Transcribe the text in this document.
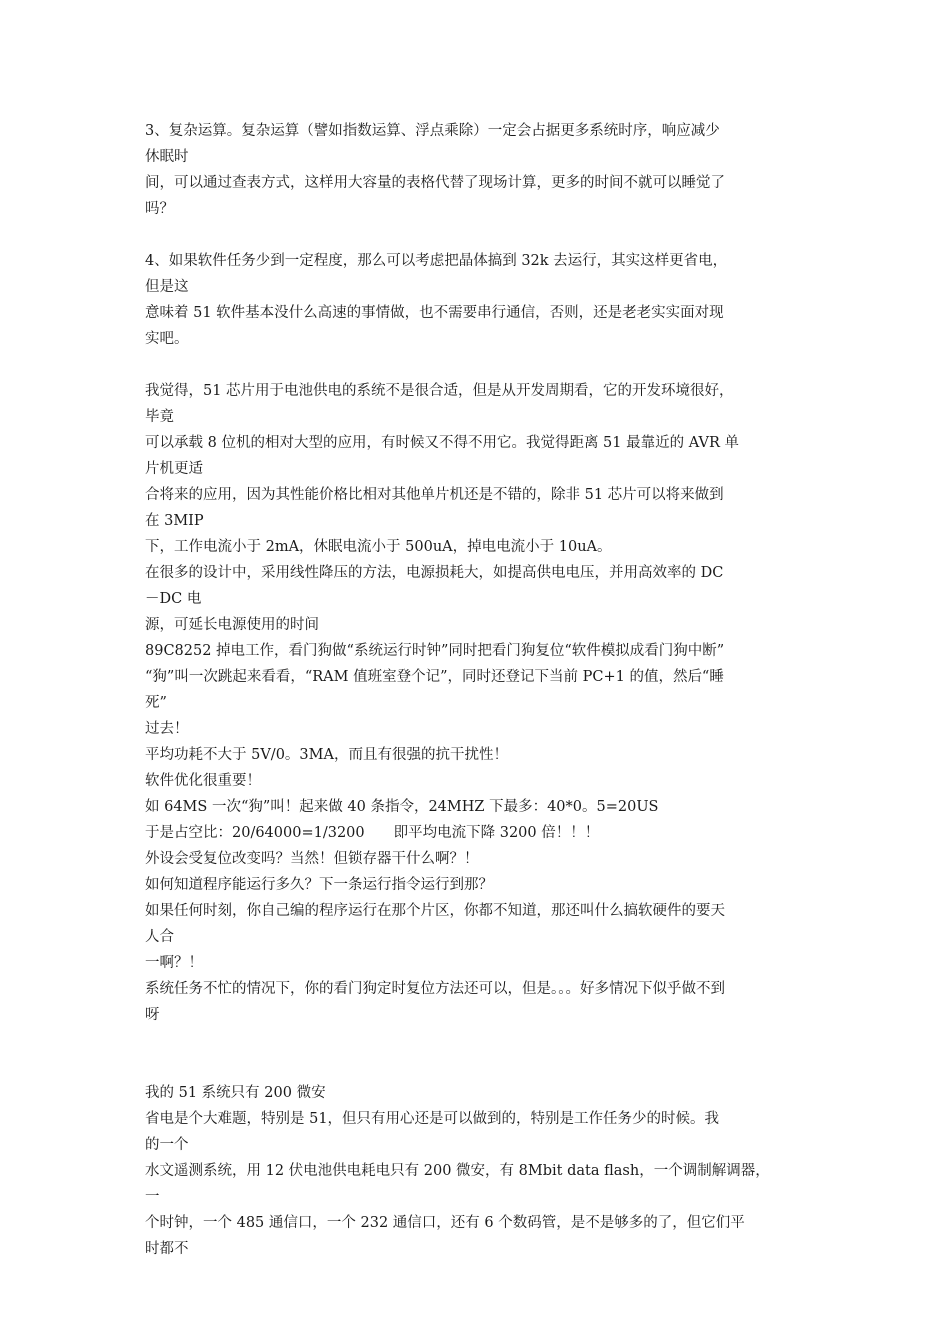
3、复杂运算。复杂运算（譬如指数运算、浮点乘除）一定会占据更多系统时序，响应减少
休眠时
间，可以通过查表方式，这样用大容量的表格代替了现场计算，更多的时间不就可以睡觉了
吗？
4、如果软件任务少到一定程度，那么可以考虑把晶体搞到 32k 去运行，其实这样更省电，
但是这
意味着 51 软件基本没什么高速的事情做，也不需要串行通信，否则，还是老老实实面对现
实吧。
我觉得，51 芯片用于电池供电的系统不是很合适，但是从开发周期看，它的开发环境很好，
毕竟
可以承载 8 位机的相对大型的应用，有时候又不得不用它。我觉得距离 51 最靠近的 AVR 单
片机更适
合将来的应用，因为其性能价格比相对其他单片机还是不错的，除非 51 芯片可以将来做到
在 3MIP
下，工作电流小于 2mA，休眠电流小于 500uA，掉电电流小于 10uA。
在很多的设计中，采用线性降压的方法，电源损耗大，如提高供电电压，并用高效率的 DC
－DC 电
源，可延长电源使用的时间
89C8252 掉电工作，看门狗做“系统运行时钟”同时把看门狗复位“软件模拟成看门狗中断”
“狗”叫一次跳起来看看，“RAM 值班室登个记”，同时还登记下当前 PC+1 的值，然后“睡
死”
过去！
平均功耗不大于 5V/0。3MA，而且有很强的抗干扰性！
软件优化很重要！
如 64MS 一次“狗”叫！起来做 40 条指令，24MHZ 下最多：40*0。5=20US
于是占空比：20/64000=1/3200　　即平均电流下降 3200 倍！！！
外设会受复位改变吗？当然！但锁存器干什么啊？！
如何知道程序能运行多久？下一条运行指令运行到那？
如果任何时刻，你自己编的程序运行在那个片区，你都不知道，那还叫什么搞软硬件的要天
人合
一啊？！
系统任务不忙的情况下，你的看门狗定时复位方法还可以，但是。。。好多情况下似乎做不到
呀
我的 51 系统只有 200 微安
省电是个大难题，特别是 51，但只有用心还是可以做到的，特别是工作任务少的时候。我
的一个
水文遥测系统，用 12 伏电池供电耗电只有 200 微安，有 8Mbit data flash，一个调制解调器，
一
个时钟，一个 485 通信口，一个 232 通信口，还有 6 个数码管，是不是够多的了，但它们平
时都不
